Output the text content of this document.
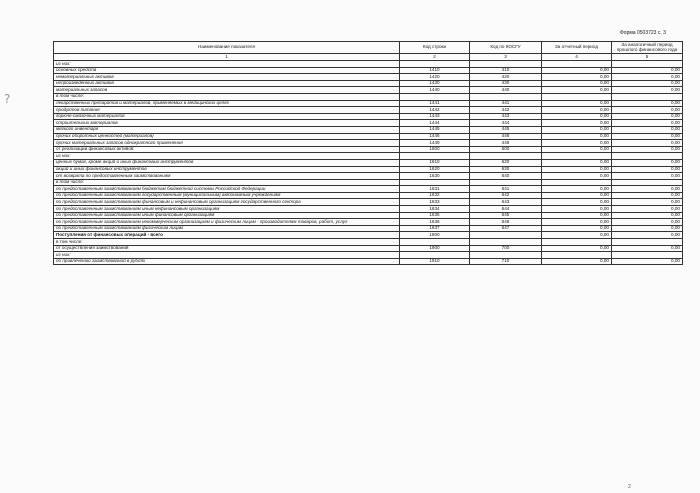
?
Форма 0503723 с. 3
Наименование показателя	Код строки	Код по КОСГУ	За отчетный период	За аналогичный период прошлого финансового года
1	2	3	4	5
из них:				
основных средств	1410	410	0,00	0,00
нематериальных активов	1420	420	0,00	0,00
непроизведенных активов	1430	430	0,00	0,00
материальных запасов	1440	440	0,00	0,00
в том числе:				
лекарственных препаратов и материалов, применяемых в медицинских целях	1441	441	0,00	0,00
продуктов питания	1442	442	0,00	0,00
горюче-смазочных материалов	1443	443	0,00	0,00
строительных материалов	1444	444	0,00	0,00
мягкого инвентаря	1445	445	0,00	0,00
прочих оборотных ценностей (материалов)	1446	446	0,00	0,00
прочих материальных запасов однократного применения	1449	449	0,00	0,00
от реализации финансовых активов:	1600	600	0,00	0,00
из них:				
ценных бумаг, кроме акций и иных финансовых инструментов	1610	620	0,00	0,00
акций и иных финансовых инструментов	1620	630	0,00	0,00
от возврата по предоставленным заимствованиям	1630	640	0,00	0,00
в том числе:				
по предоставленным заимствованиям бюджетам бюджетной системы Российской Федерации	1631	641	0,00	0,00
по предоставленным заимствованиям государственным (муниципальным) автономным учреждениям	1632	642	0,00	0,00
по предоставленным заимствованиям финансовым и нефинансовым организациям государственного сектора	1633	643	0,00	0,00
по предоставленным заимствованиям иным нефинансовым организациям	1634	644	0,00	0,00
по предоставленным заимствованиям иным финансовым организациям	1635	645	0,00	0,00
по предоставленным заимствованиям некоммерческим организациям и физическим лицам - производителям товаров, работ, услуг	1636	646	0,00	0,00
по предоставленным заимствованиям физическим лицам	1637	647	0,00	0,00
Поступления от финансовых операций - всего	1800		0,00	0,00
в том числе:				
от осуществления заимствований	1900	700	0,00	0,00
из них:				
по привлечению заимствований в рублях	1910	710	0,00	0,00
2
